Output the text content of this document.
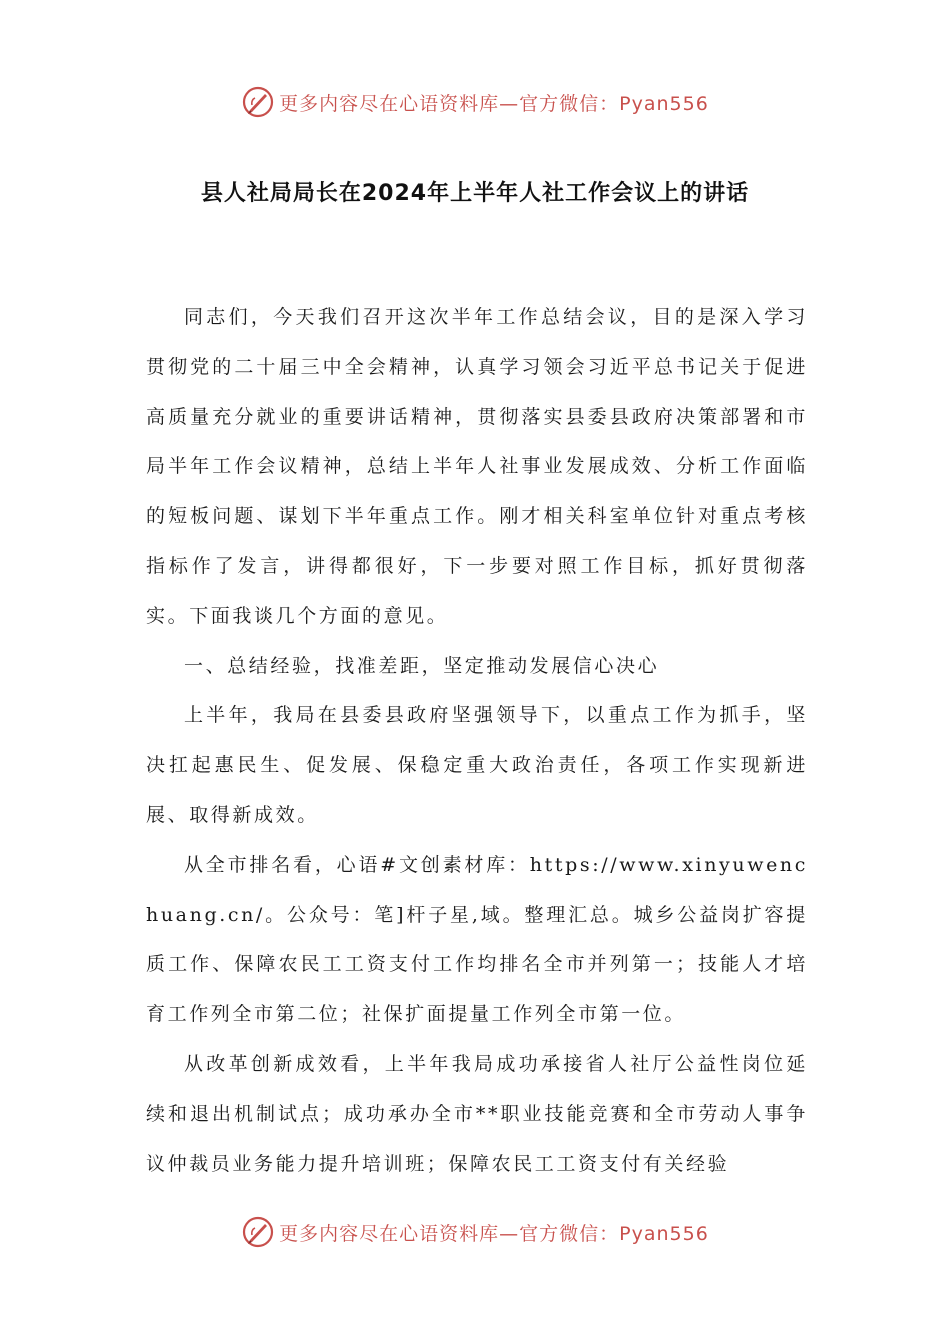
更多内容尽在心语资料库—官方微信：Pyan556
县人社局局长在2024年上半年人社工作会议上的讲话

同志们，今天我们召开这次半年工作总结会议，目的是深入学习贯彻党的二十届三中全会精神，认真学习领会习近平总书记关于促进高质量充分就业的重要讲话精神，贯彻落实县委县政府决策部署和市局半年工作会议精神，总结上半年人社事业发展成效、分析工作面临的短板问题、谋划下半年重点工作。刚才相关科室单位针对重点考核指标作了发言，讲得都很好，下一步要对照工作目标，抓好贯彻落实。下面我谈几个方面的意见。

一、总结经验，找准差距，坚定推动发展信心决心

上半年，我局在县委县政府坚强领导下，以重点工作为抓手，坚决扛起惠民生、促发展、保稳定重大政治责任，各项工作实现新进展、取得新成效。

从全市排名看，心语#文创素材库：https://www.xinyuwenchuang.cn/。公众号：笔]杆子星,域。整理汇总。城乡公益岗扩容提质工作、保障农民工工资支付工作均排名全市并列第一；技能人才培育工作列全市第二位；社保扩面提量工作列全市第一位。

从改革创新成效看，上半年我局成功承接省人社厅公益性岗位延续和退出机制试点；成功承办全市**职业技能竞赛和全市劳动人事争议仲裁员业务能力提升培训班；保障农民工工资支付有关经验

更多内容尽在心语资料库—官方微信：Pyan556
